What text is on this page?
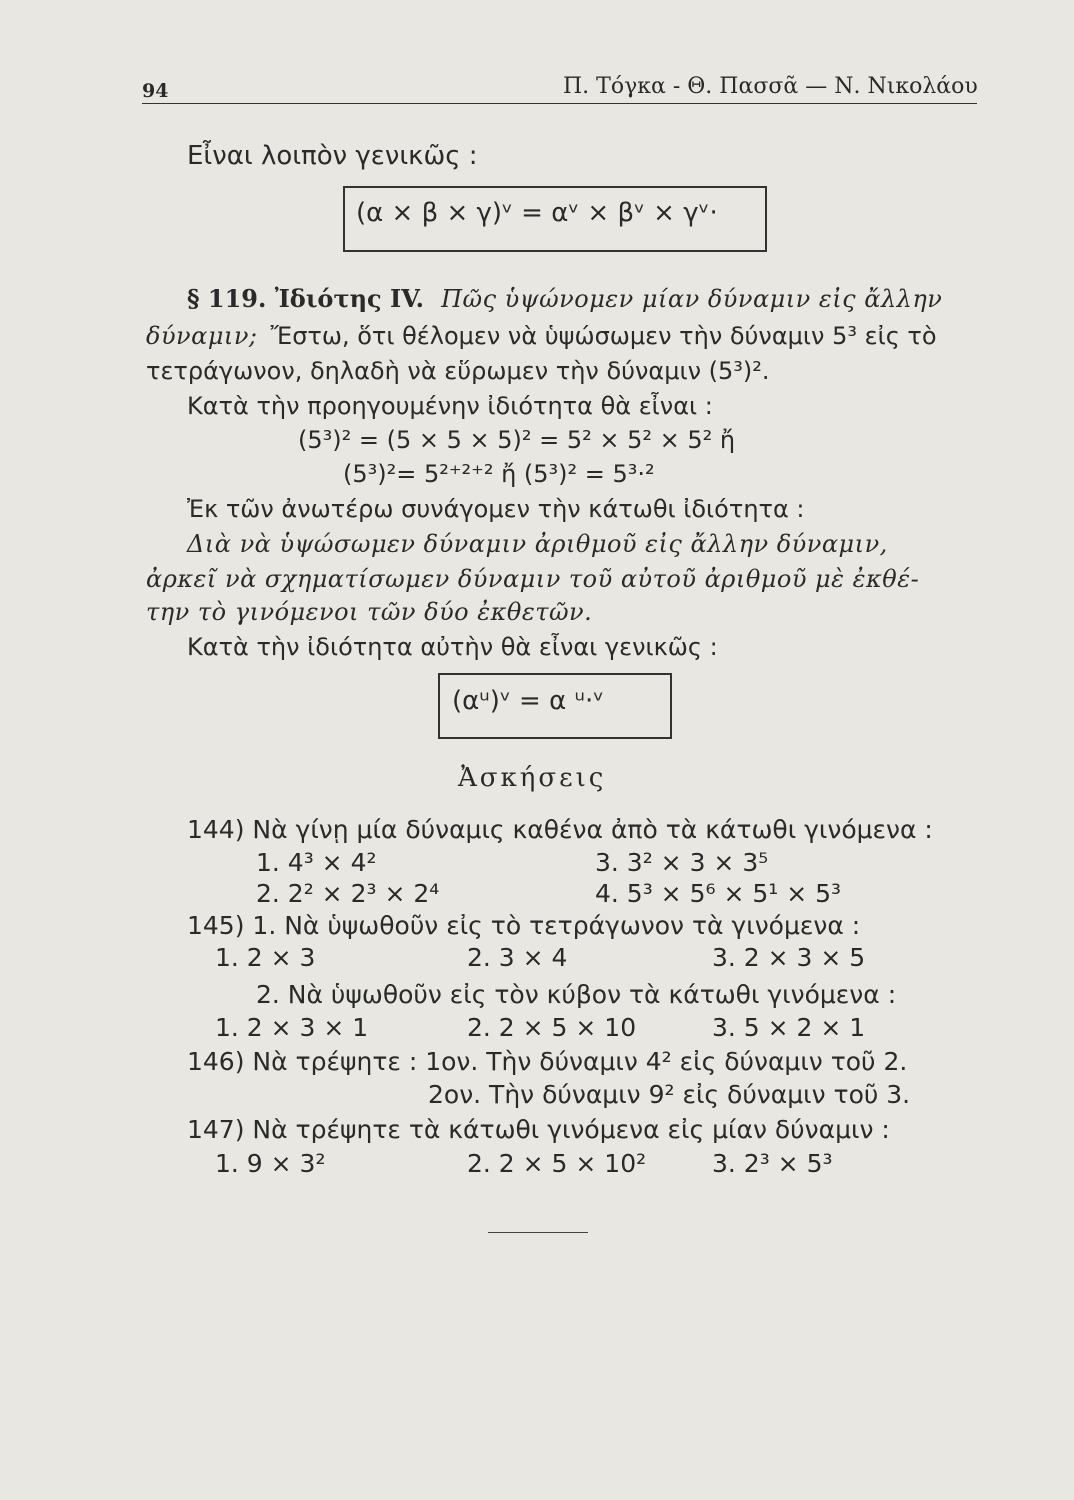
94	Π. Τόγκα - Θ. Πασσᾶ — Ν. Νικολάου
Εἶναι λοιπὸν γενικῶς :
(α × β × γ)ᵛ = αᵛ × βᵛ × γᵛ·
§ 119. Ἰδιότης IV. Πῶς ὑψώνομεν μίαν δύναμιν εἰς ἄλλην
δύναμιν; Ἔστω, ὅτι θέλομεν νὰ ὑψώσωμεν τὴν δύναμιν 5³ εἰς τὸ
τετράγωνον, δηλαδὴ νὰ εὕρωμεν τὴν δύναμιν (5³)².
Κατὰ τὴν προηγουμένην ἰδιότητα θὰ εἶναι :
(5³)² = (5 × 5 × 5)² = 5² × 5² × 5² ἤ
(5³)²= 5²⁺²⁺² ἤ (5³)² = 5³·²
Ἐκ τῶν ἀνωτέρω συνάγομεν τὴν κάτωθι ἰδιότητα :
Διὰ νὰ ὑψώσωμεν δύναμιν ἀριθμοῦ εἰς ἄλλην δύναμιν,
ἀρκεῖ νὰ σχηματίσωμεν δύναμιν τοῦ αὐτοῦ ἀριθμοῦ μὲ ἐκθέ-
την τὸ γινόμενοι τῶν δύο ἐκθετῶν.
Κατὰ τὴν ἰδιότητα αὐτὴν θὰ εἶναι γενικῶς :
(αᵘ)ᵛ = α ᵘ·ᵛ
Ἀσκήσεις
144) Νὰ γίνῃ μία δύναμις καθένα ἀπὸ τὰ κάτωθι γινόμενα :
1. 4³ × 4²	3. 3² × 3 × 3⁵
2. 2² × 2³ × 2⁴	4. 5³ × 5⁶ × 5¹ × 5³
145) 1. Νὰ ὑψωθοῦν εἰς τὸ τετράγωνον τὰ γινόμενα :
1. 2 × 3	2. 3 × 4	3. 2 × 3 × 5
2. Νὰ ὑψωθοῦν εἰς τὸν κύβον τὰ κάτωθι γινόμενα :
1. 2 × 3 × 1	2. 2 × 5 × 10	3. 5 × 2 × 1
146) Νὰ τρέψητε : 1ον. Τὴν δύναμιν 4² εἰς δύναμιν τοῦ 2.
2ον. Τὴν δύναμιν 9² εἰς δύναμιν τοῦ 3.
147) Νὰ τρέψητε τὰ κάτωθι γινόμενα εἰς μίαν δύναμιν :
1. 9 × 3²	2. 2 × 5 × 10²	3. 2³ × 5³
